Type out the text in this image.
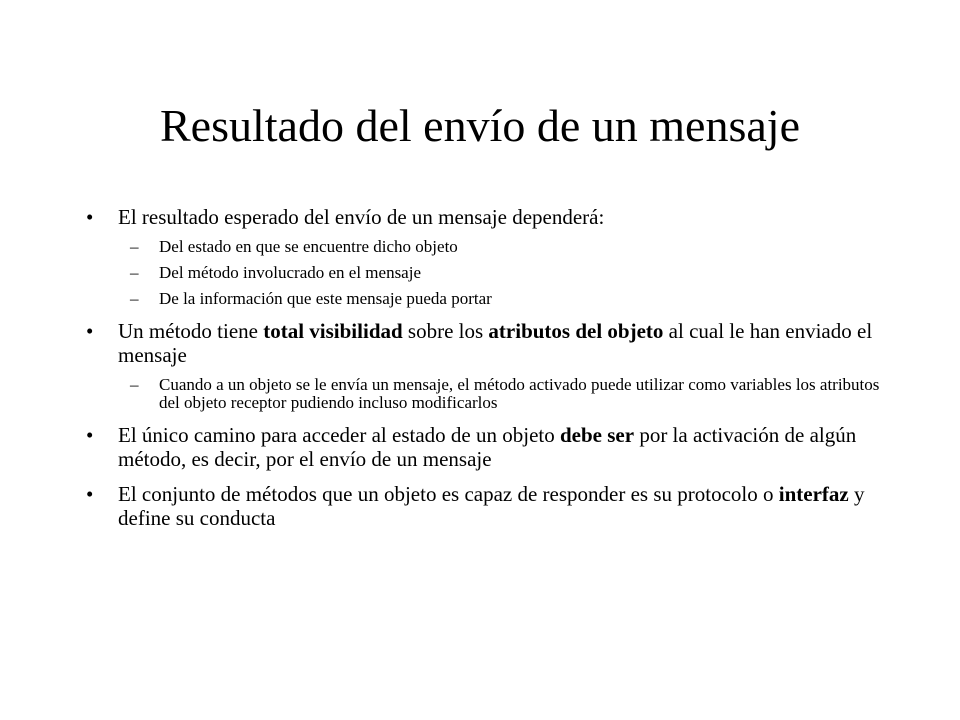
Resultado del envío de un mensaje
• El resultado esperado del envío de un mensaje dependerá:
– Del estado en que se encuentre dicho objeto
– Del método involucrado en el mensaje
– De la información que este mensaje pueda portar
• Un método tiene total visibilidad sobre los atributos del objeto al cual le han enviado el mensaje
– Cuando a un objeto se le envía un mensaje, el método activado puede utilizar como variables los atributos del objeto receptor pudiendo incluso modificarlos
• El único camino para acceder al estado de un objeto debe ser por la activación de algún método, es decir, por el envío de un mensaje
• El conjunto de métodos que un objeto es capaz de responder es su protocolo o interfaz y define su conducta
